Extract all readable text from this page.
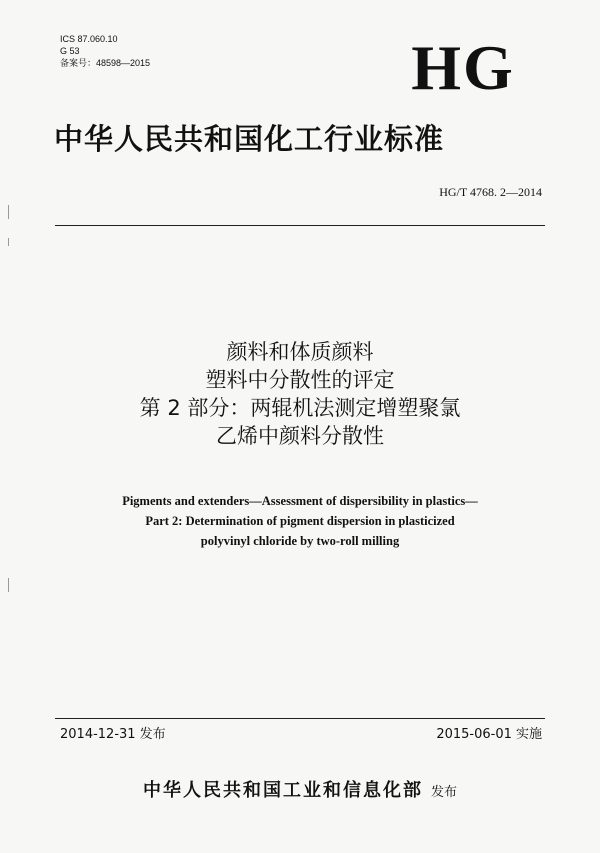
ICS 87.060.10
G 53
备案号：48598—2015	HG
中华人民共和国化工行业标准
HG/T 4768. 2—2014
颜料和体质颜料
塑料中分散性的评定
第 2 部分：两辊机法测定增塑聚氯
乙烯中颜料分散性
Pigments and extenders—Assessment of dispersibility in plastics—
Part 2: Determination of pigment dispersion in plasticized
polyvinyl chloride by two-roll milling
2014-12-31 发布	2015-06-01 实施
中华人民共和国工业和信息化部 发布
